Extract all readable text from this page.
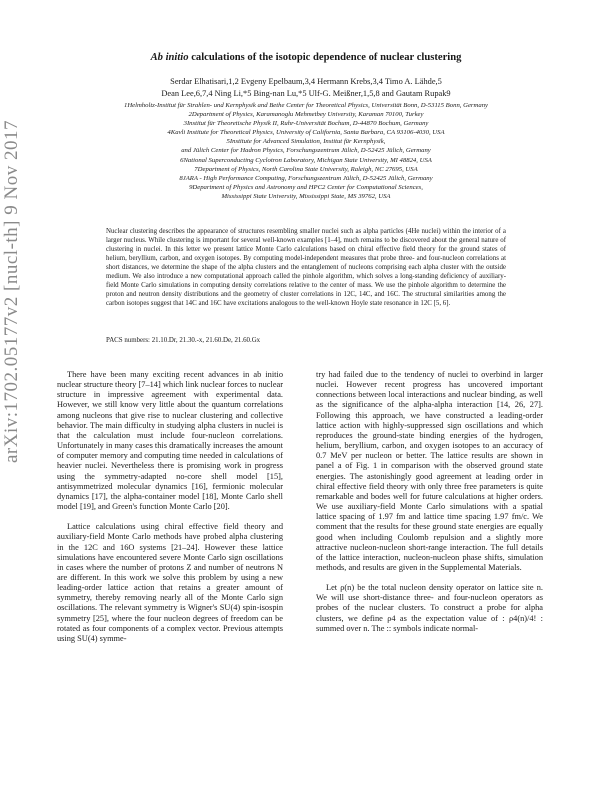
arXiv:1702.05177v2 [nucl-th] 9 Nov 2017
Ab initio calculations of the isotopic dependence of nuclear clustering
Serdar Elhatisari,1,2 Evgeny Epelbaum,3,4 Hermann Krebs,3,4 Timo A. Lähde,5
Dean Lee,6,7,4 Ning Li,*5 Bing-nan Lu,*5 Ulf-G. Meißner,1,5,8 and Gautam Rupak9
1Helmholtz-Institut für Strahlen- und Kernphysik and Bethe Center for Theoretical Physics, Universität Bonn, D-53115 Bonn, Germany
2Department of Physics, Karamanoglu Mehmetbey University, Karaman 70100, Turkey
3Institut für Theoretische Physik II, Ruhr-Universität Bochum, D-44870 Bochum, Germany
4Kavli Institute for Theoretical Physics, University of California, Santa Barbara, CA 93106-4030, USA
5Institute for Advanced Simulation, Institut für Kernphysik,
and Jülich Center for Hadron Physics, Forschungszentrum Jülich, D-52425 Jülich, Germany
6National Superconducting Cyclotron Laboratory, Michigan State University, MI 48824, USA
7Department of Physics, North Carolina State University, Raleigh, NC 27695, USA
8JARA - High Performance Computing, Forschungszentrum Jülich, D-52425 Jülich, Germany
9Department of Physics and Astronomy and HPC2 Center for Computational Sciences,
Mississippi State University, Mississippi State, MS 39762, USA
Nuclear clustering describes the appearance of structures resembling smaller nuclei such as alpha particles (4He nuclei) within the interior of a larger nucleus. While clustering is important for several well-known examples [1–4], much remains to be discovered about the general nature of clustering in nuclei. In this letter we present lattice Monte Carlo calculations based on chiral effective field theory for the ground states of helium, beryllium, carbon, and oxygen isotopes. By computing model-independent measures that probe three- and four-nucleon correlations at short distances, we determine the shape of the alpha clusters and the entanglement of nucleons comprising each alpha cluster with the outside medium. We also introduce a new computational approach called the pinhole algorithm, which solves a long-standing deficiency of auxiliary-field Monte Carlo simulations in computing density correlations relative to the center of mass. We use the pinhole algorithm to determine the proton and neutron density distributions and the geometry of cluster correlations in 12C, 14C, and 16C. The structural similarities among the carbon isotopes suggest that 14C and 16C have excitations analogous to the well-known Hoyle state resonance in 12C [5, 6].
PACS numbers: 21.10.Dr, 21.30.-x, 21.60.De, 21.60.Gx

There have been many exciting recent advances in ab initio nuclear structure theory [7–14] which link nuclear forces to nuclear structure in impressive agreement with experimental data. However, we still know very little about the quantum correlations among nucleons that give rise to nuclear clustering and collective behavior. The main difficulty in studying alpha clusters in nuclei is that the calculation must include four-nucleon correlations. Unfortunately in many cases this dramatically increases the amount of computer memory and computing time needed in calculations of heavier nuclei. Nevertheless there is promising work in progress using the symmetry-adapted no-core shell model [15], antisymmetrized molecular dynamics [16], fermionic molecular dynamics [17], the alpha-container model [18], Monte Carlo shell model [19], and Green's function Monte Carlo [20].

Lattice calculations using chiral effective field theory and auxiliary-field Monte Carlo methods have probed alpha clustering in the 12C and 16O systems [21–24]. However these lattice simulations have encountered severe Monte Carlo sign oscillations in cases where the number of protons Z and number of neutrons N are different. In this work we solve this problem by using a new leading-order lattice action that retains a greater amount of symmetry, thereby removing nearly all of the Monte Carlo sign oscillations. The relevant symmetry is Wigner's SU(4) spin-isospin symmetry [25], where the four nucleon degrees of freedom can be rotated as four components of a complex vector. Previous attempts using SU(4) symme-

try had failed due to the tendency of nuclei to overbind in larger nuclei. However recent progress has uncovered important connections between local interactions and nuclear binding, as well as the significance of the alpha-alpha interaction [14, 26, 27]. Following this approach, we have constructed a leading-order lattice action with highly-suppressed sign oscillations and which reproduces the ground-state binding energies of the hydrogen, helium, beryllium, carbon, and oxygen isotopes to an accuracy of 0.7 MeV per nucleon or better. The lattice results are shown in panel a of Fig. 1 in comparison with the observed ground state energies. The astonishingly good agreement at leading order in chiral effective field theory with only three free parameters is quite remarkable and bodes well for future calculations at higher orders. We use auxiliary-field Monte Carlo simulations with a spatial lattice spacing of 1.97 fm and lattice time spacing 1.97 fm/c. We comment that the results for these ground state energies are equally good when including Coulomb repulsion and a slightly more attractive nucleon-nucleon short-range interaction. The full details of the lattice interaction, nucleon-nucleon phase shifts, simulation methods, and results are given in the Supplemental Materials.

Let ρ(n) be the total nucleon density operator on lattice site n. We will use short-distance three- and four-nucleon operators as probes of the nuclear clusters. To construct a probe for alpha clusters, we define ρ4 as the expectation value of : ρ4(n)/4! : summed over n. The :: symbols indicate normal-
